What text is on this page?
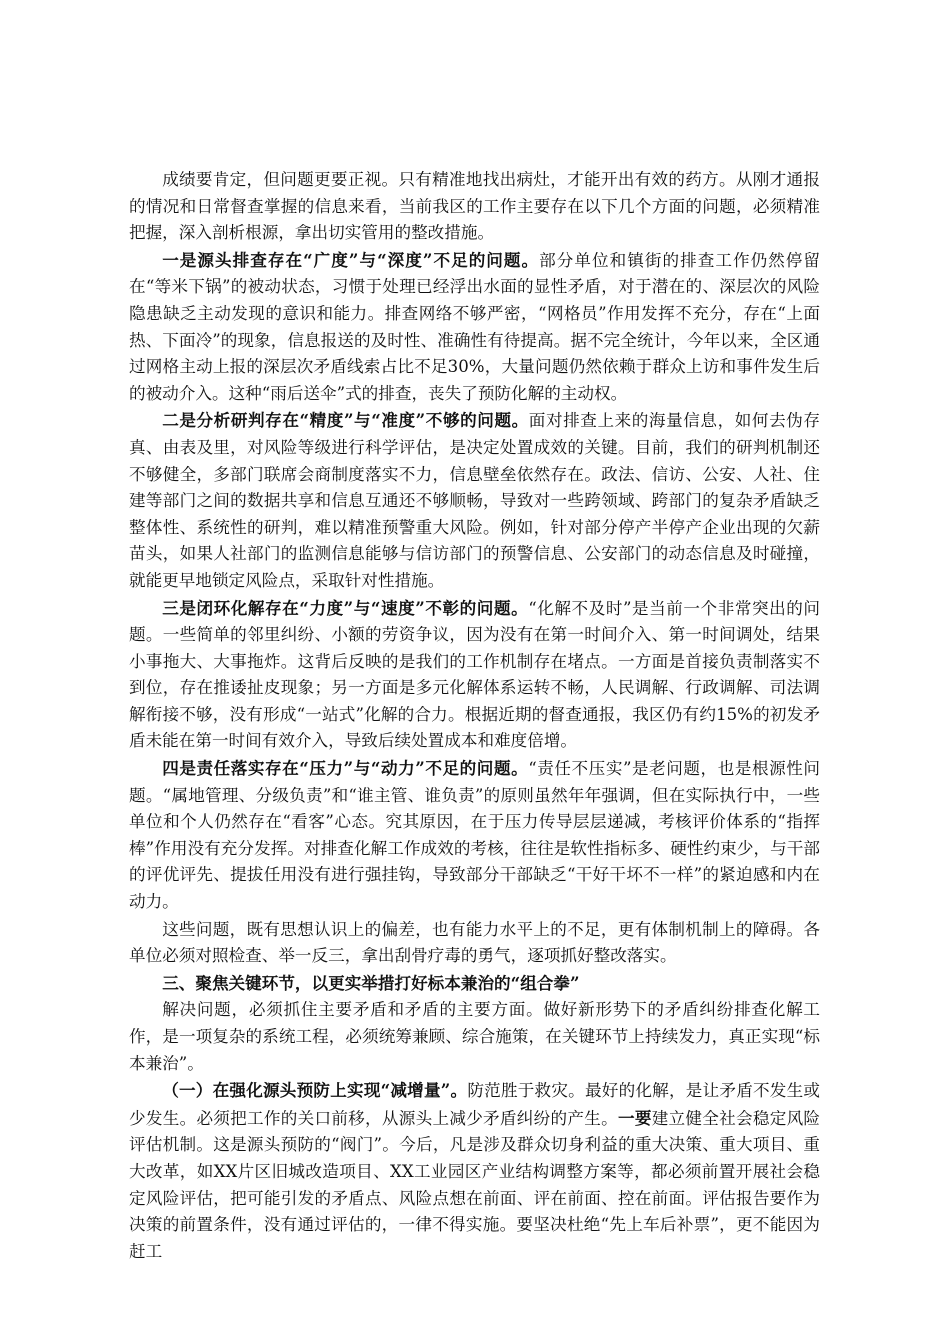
成绩要肯定，但问题更要正视。只有精准地找出病灶，才能开出有效的药方。从刚才通报的情况和日常督查掌握的信息来看，当前我区的工作主要存在以下几个方面的问题，必须精准把握，深入剖析根源，拿出切实管用的整改措施。

一是源头排查存在“广度”与“深度”不足的问题。部分单位和镇街的排查工作仍然停留在“等米下锅”的被动状态，习惯于处理已经浮出水面的显性矛盾，对于潜在的、深层次的风险隐患缺乏主动发现的意识和能力。排查网络不够严密，“网格员”作用发挥不充分，存在“上面热、下面冷”的现象，信息报送的及时性、准确性有待提高。据不完全统计，今年以来，全区通过网格主动上报的深层次矛盾线索占比不足30%，大量问题仍然依赖于群众上访和事件发生后的被动介入。这种“雨后送伞”式的排查，丧失了预防化解的主动权。

二是分析研判存在“精度”与“准度”不够的问题。面对排查上来的海量信息，如何去伪存真、由表及里，对风险等级进行科学评估，是决定处置成效的关键。目前，我们的研判机制还不够健全，多部门联席会商制度落实不力，信息壁垒依然存在。政法、信访、公安、人社、住建等部门之间的数据共享和信息互通还不够顺畅，导致对一些跨领域、跨部门的复杂矛盾缺乏整体性、系统性的研判，难以精准预警重大风险。例如，针对部分停产半停产企业出现的欠薪苗头，如果人社部门的监测信息能够与信访部门的预警信息、公安部门的动态信息及时碰撞，就能更早地锁定风险点，采取针对性措施。

三是闭环化解存在“力度”与“速度”不彰的问题。“化解不及时”是当前一个非常突出的问题。一些简单的邻里纠纷、小额的劳资争议，因为没有在第一时间介入、第一时间调处，结果小事拖大、大事拖炸。这背后反映的是我们的工作机制存在堵点。一方面是首接负责制落实不到位，存在推诿扯皮现象；另一方面是多元化解体系运转不畅，人民调解、行政调解、司法调解衔接不够，没有形成“一站式”化解的合力。根据近期的督查通报，我区仍有约15%的初发矛盾未能在第一时间有效介入，导致后续处置成本和难度倍增。

四是责任落实存在“压力”与“动力”不足的问题。“责任不压实”是老问题，也是根源性问题。“属地管理、分级负责”和“谁主管、谁负责”的原则虽然年年强调，但在实际执行中，一些单位和个人仍然存在“看客”心态。究其原因，在于压力传导层层递减，考核评价体系的“指挥棒”作用没有充分发挥。对排查化解工作成效的考核，往往是软性指标多、硬性约束少，与干部的评优评先、提拔任用没有进行强挂钩，导致部分干部缺乏“干好干坏不一样”的紧迫感和内在动力。

这些问题，既有思想认识上的偏差，也有能力水平上的不足，更有体制机制上的障碍。各单位必须对照检查、举一反三，拿出刮骨疗毒的勇气，逐项抓好整改落实。

三、聚焦关键环节，以更实举措打好标本兼治的“组合拳”

解决问题，必须抓住主要矛盾和矛盾的主要方面。做好新形势下的矛盾纠纷排查化解工作，是一项复杂的系统工程，必须统筹兼顾、综合施策，在关键环节上持续发力，真正实现“标本兼治”。

（一）在强化源头预防上实现“减增量”。防范胜于救灾。最好的化解，是让矛盾不发生或少发生。必须把工作的关口前移，从源头上减少矛盾纠纷的产生。一要建立健全社会稳定风险评估机制。这是源头预防的“阀门”。今后，凡是涉及群众切身利益的重大决策、重大项目、重大改革，如XX片区旧城改造项目、XX工业园区产业结构调整方案等，都必须前置开展社会稳定风险评估，把可能引发的矛盾点、风险点想在前面、评在前面、控在前面。评估报告要作为决策的前置条件，没有通过评估的，一律不得实施。要坚决杜绝“先上车后补票”，更不能因为赶工
